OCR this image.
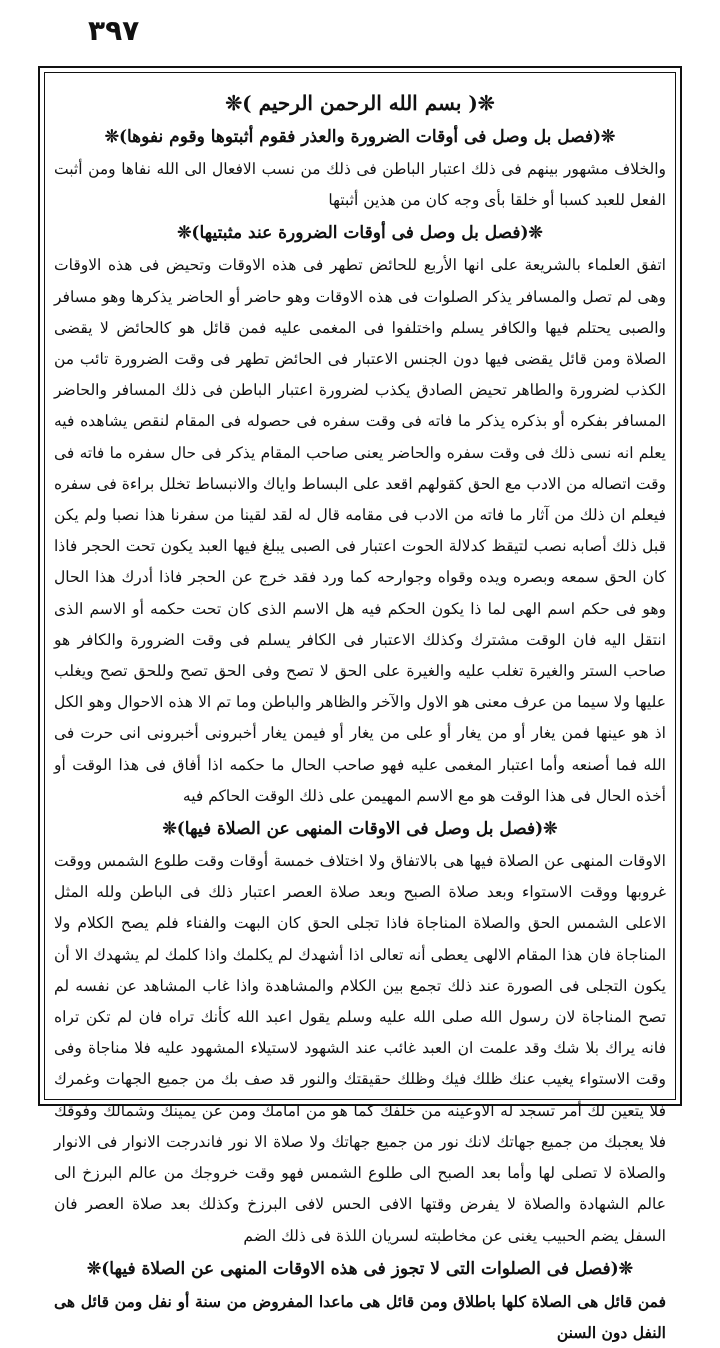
٣٩٧

❊( بسم الله الرحمن الرحيم )❊

❊(فصل بل وصل فی أوقات الضرورة والعذر فقوم أثبتوها وقوم نفوها)❊

والخلاف مشهور بينهم فی ذلك اعتبار الباطن فی ذلك من نسب الافعال الی الله نفاها ومن أثبت الفعل للعبد كسبا أو خلقا بأی وجه كان من هذين أثبتها

❊(فصل بل وصل فی أوقات الضرورة عند مثبتيها)❊

اتفق العلماء بالشريعة علی انها الأربع للحائض تطهر فی هذه الاوقات وتحيض فی هذه الاوقات وهی لم تصل والمسافر يذكر الصلوات فی هذه الاوقات وهو حاضر أو الحاضر يذكرها وهو مسافر والصبی يحتلم فيها والكافر يسلم واختلفوا فی المغمی عليه فمن قائل هو كالحائض لا يقضی الصلاة ومن قائل يقضی فيها دون الجنس الاعتبار فی الحائض تطهر فی وقت الضرورة تائب من الكذب لضرورة والطاهر تحيض الصادق يكذب لضرورة اعتبار الباطن فی ذلك المسافر والحاضر المسافر بفكره أو بذكره يذكر ما فاته فی وقت سفره فی حصوله فی المقام لنقص يشاهده فيه يعلم انه نسی ذلك فی وقت سفره والحاضر يعنی صاحب المقام يذكر فی حال سفره ما فاته فی وقت اتصاله من الادب مع الحق كقولهم اقعد علی البساط واياك والانبساط تخلل براءة فی سفره فيعلم ان ذلك من آثار ما فاته من الادب فی مقامه قال له لقد لقينا من سفرنا هذا نصبا ولم يكن قبل ذلك أصابه نصب لتيقظ كدلالة الحوت اعتبار فی الصبی يبلغ فيها العبد يكون تحت الحجر فاذا كان الحق سمعه وبصره ويده وقواه وجوارحه كما ورد فقد خرج عن الحجر فاذا أدرك هذا الحال وهو فی حكم اسم الهی لما ذا يكون الحكم فيه هل الاسم الذی كان تحت حكمه أو الاسم الذی انتقل اليه فان الوقت مشترك وكذلك الاعتبار فی الكافر يسلم فی وقت الضرورة والكافر هو صاحب الستر والغيرة تغلب عليه والغيرة علی الحق لا تصح وفی الحق تصح وللحق تصح ويغلب عليها ولا سيما من عرف معنی هو الاول والآخر والظاهر والباطن وما تم الا هذه الاحوال وهو الكل اذ هو عينها فمن يغار أو من يغار أو علی من يغار أو فيمن يغار أخبرونی أخبرونی انی حرت فی الله فما أصنعه وأما اعتبار المغمی عليه فهو صاحب الحال ما حكمه اذا أفاق فی هذا الوقت أو أخذه الحال فی هذا الوقت هو مع الاسم المهيمن علی ذلك الوقت الحاكم فيه

❊(فصل بل وصل فی الاوقات المنهی عن الصلاة فيها)❊

الاوقات المنهی عن الصلاة فيها هی بالاتفاق ولا اختلاف خمسة أوقات وقت طلوع الشمس ووقت غروبها ووقت الاستواء وبعد صلاة الصبح وبعد صلاة العصر اعتبار ذلك فی الباطن ولله المثل الاعلی الشمس الحق والصلاة المناجاة فاذا تجلی الحق كان البهت والفناء فلم يصح الكلام ولا المناجاة فان هذا المقام الالهی يعطی أنه تعالی اذا أشهدك لم يكلمك واذا كلمك لم يشهدك الا أن يكون التجلی فی الصورة عند ذلك تجمع بين الكلام والمشاهدة واذا غاب المشاهد عن نفسه لم تصح المناجاة لان رسول الله صلی الله عليه وسلم يقول اعبد الله كأنك تراه فان لم تكن تراه فانه يراك بلا شك وقد علمت ان العبد غائب عند الشهود لاستيلاء المشهود عليه فلا مناجاة وفی وقت الاستواء يغيب عنك ظلك فيك وظلك حقيقتك والنور قد صف بك من جميع الجهات وغمرك فلا يتعين لك أمر تسجد له الاوعينه من خلفك كما هو من امامك ومن عن يمينك وشمالك وفوقك فلا يعجبك من جميع جهاتك لانك نور من جميع جهاتك ولا صلاة الا نور فاندرجت الانوار فی الانوار والصلاة لا تصلی لها وأما بعد الصبح الی طلوع الشمس فهو وقت خروجك من عالم البرزخ الی عالم الشهادة والصلاة لا يفرض وقتها الافی الحس لافی البرزخ وكذلك بعد صلاة العصر فان السفل يضم الحبيب يغنی عن مخاطبته لسريان اللذة فی ذلك الضم

❊(فصل فی الصلوات التی لا تجوز فی هذه الاوقات المنهی عن الصلاة فيها)❊

فمن قائل هی الصلاة كلها باطلاق ومن قائل هی ماعدا المفروض من سنة أو نفل ومن قائل هی النفل دون السنن
